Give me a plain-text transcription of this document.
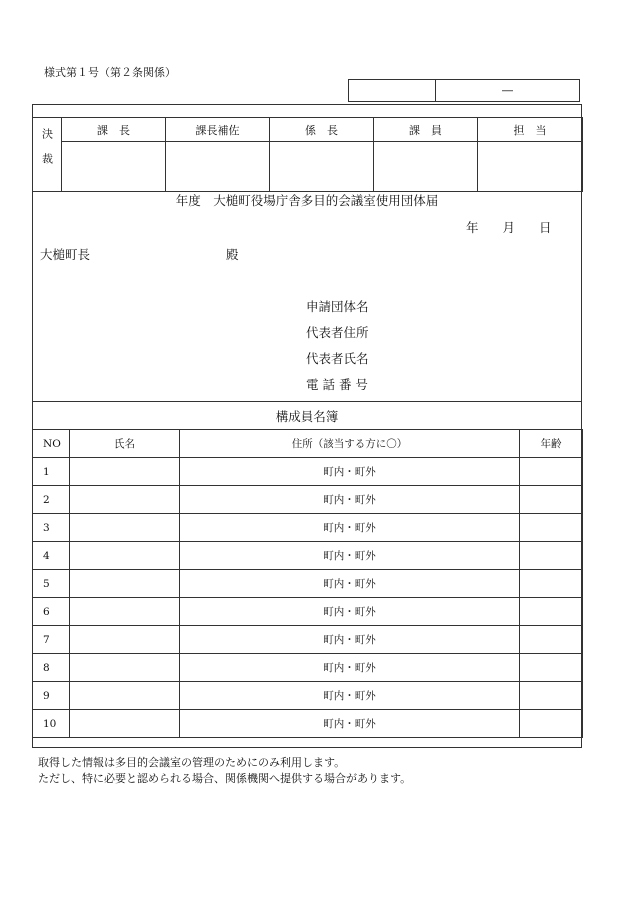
様式第１号（第２条関係）
―
決裁	課　長	課長補佐	係　長	課　員	担　当

年度　大槌町役場庁舎多目的会議室使用団体届
年 月 日
大槌町長	殿
申請団体名
代表者住所
代表者氏名
電 話 番 号
構成員名簿
NO	氏名	住所（該当する方に〇）	年齢
1		町内・町外	
2		町内・町外	
3		町内・町外	
4		町内・町外	
5		町内・町外	
6		町内・町外	
7		町内・町外	
8		町内・町外	
9		町内・町外	
10		町内・町外	
取得した情報は多目的会議室の管理のためにのみ利用します。
ただし、特に必要と認められる場合、関係機関へ提供する場合があります。
